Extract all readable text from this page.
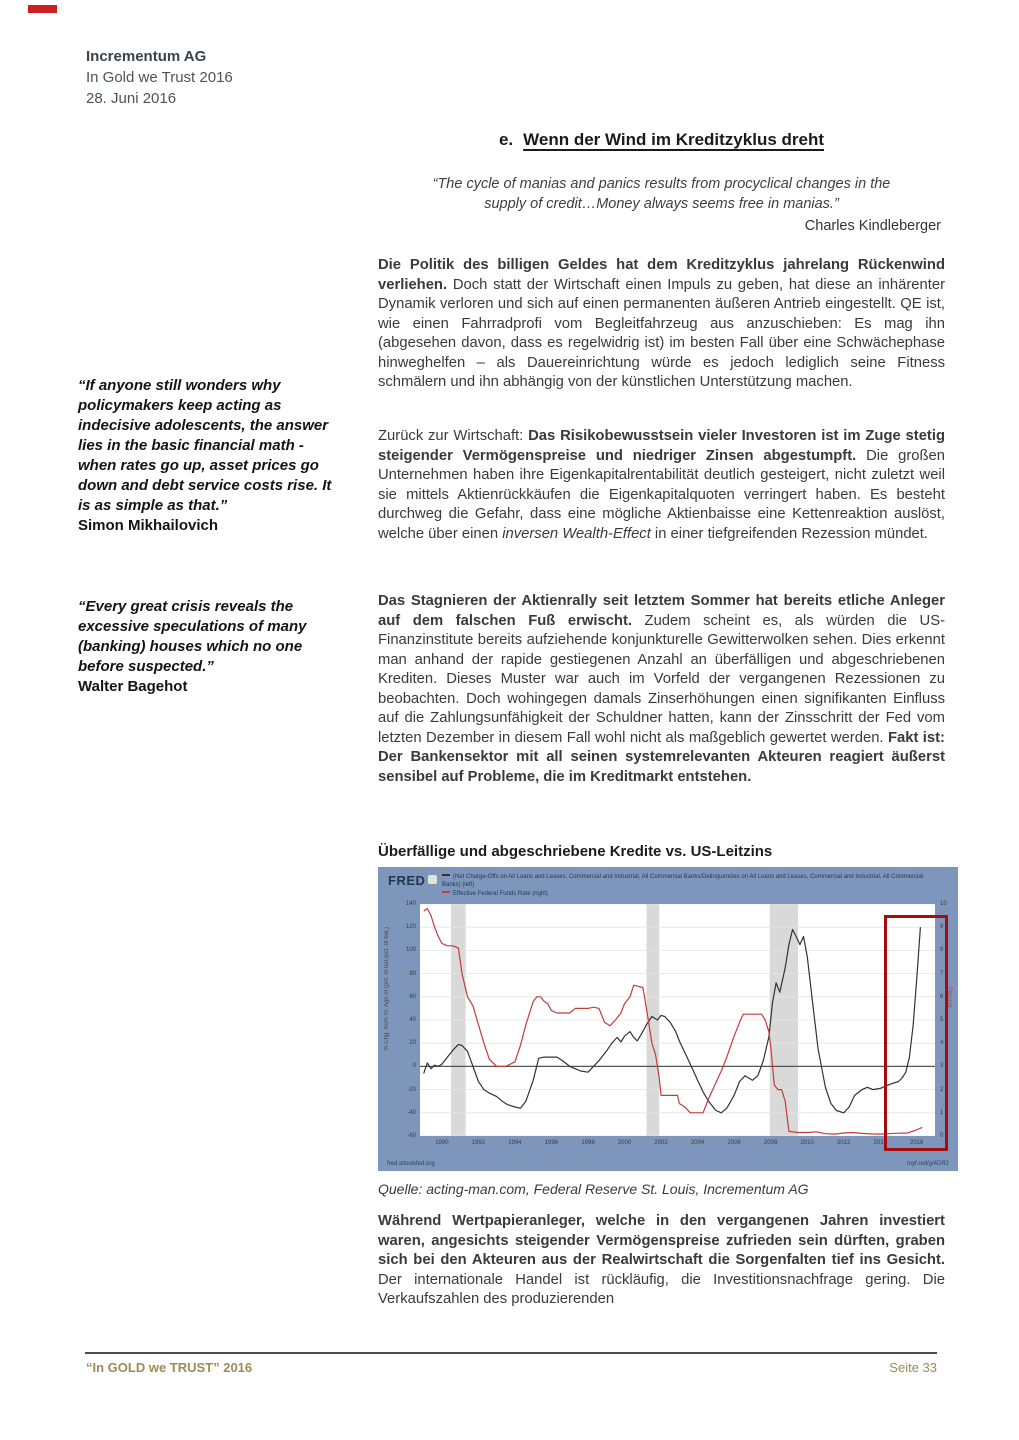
Incrementum AG
In Gold we Trust 2016
28. Juni 2016
e. Wenn der Wind im Kreditzyklus dreht
“The cycle of manias and panics results from procyclical changes in the
supply of credit…Money always seems free in manias.”
Charles Kindleberger
Die Politik des billigen Geldes hat dem Kreditzyklus jahrelang Rückenwind verliehen. Doch statt der Wirtschaft einen Impuls zu geben, hat diese an inhärenter Dynamik verloren und sich auf einen permanenten äußeren Antrieb eingestellt. QE ist, wie einen Fahrradprofi vom Begleitfahrzeug aus anzuschieben: Es mag ihn (abgesehen davon, dass es regelwidrig ist) im besten Fall über eine Schwächephase hinweghelfen – als Dauereinrichtung würde es jedoch lediglich seine Fitness schmälern und ihn abhängig von der künstlichen Unterstützung machen.
Zurück zur Wirtschaft: Das Risikobewusstsein vieler Investoren ist im Zuge stetig steigender Vermögenspreise und niedriger Zinsen abgestumpft. Die großen Unternehmen haben ihre Eigenkapitalrentabilität deutlich gesteigert, nicht zuletzt weil sie mittels Aktienrückkäufen die Eigenkapitalquoten verringert haben. Es besteht durchweg die Gefahr, dass eine mögliche Aktienbaisse eine Kettenreaktion auslöst, welche über einen inversen Wealth-Effect in einer tiefgreifenden Rezession mündet.
Das Stagnieren der Aktienrally seit letztem Sommer hat bereits etliche Anleger auf dem falschen Fuß erwischt. Zudem scheint es, als würden die US-Finanzinstitute bereits aufziehende konjunkturelle Gewitterwolken sehen. Dies erkennt man anhand der rapide gestiegenen Anzahl an überfälligen und abgeschriebenen Krediten. Dieses Muster war auch im Vorfeld der vergangenen Rezessionen zu beobachten. Doch wohingegen damals Zinserhöhungen einen signifikanten Einfluss auf die Zahlungsunfähigkeit der Schuldner hatten, kann der Zinsschritt der Fed vom letzten Dezember in diesem Fall wohl nicht als maßgeblich gewertet werden. Fakt ist: Der Bankensektor mit all seinen systemrelevanten Akteuren reagiert äußerst sensibel auf Probleme, die im Kreditmarkt entstehen.
“If anyone still wonders why policymakers keep acting as indecisive adolescents, the answer lies in the basic financial math - when rates go up, asset prices go down and debt service costs rise. It is as simple as that.”
Simon Mikhailovich
“Every great crisis reveals the excessive speculations of many (banking) houses which no one before suspected.”
Walter Bagehot
Überfällige und abgeschriebene Kredite vs. US-Leitzins
FRED	(Net Charge-Offs on All Loans and Leases, Commercial and Industrial, All Commercial Banks/Delinquencies on All Loans and Leases, Commercial and Industrial, All Commercial Banks) (left)
Effective Federal Funds Rate (right)
% Chg. from Yr. Ago of (pct. of bal./pct. of bal.)	Percent
140
120
100
80
60
40
20
0
-20
-40
-60
10
9
8
7
6
5
4
3
2
1
0
1990	1992	1994	1996	1998	2000	2002	2004	2006	2008	2010	2012	2014	2016
fred.stlouisfed.org	myf.red/g/4DR2
Quelle: acting-man.com, Federal Reserve St. Louis, Incrementum AG
Während Wertpapieranleger, welche in den vergangenen Jahren investiert waren, angesichts steigender Vermögenspreise zufrieden sein dürften, graben sich bei den Akteuren aus der Realwirtschaft die Sorgenfalten tief ins Gesicht. Der internationale Handel ist rückläufig, die Investitionsnachfrage gering. Die Verkaufszahlen des produzierenden
“In GOLD we TRUST” 2016	Seite 33
